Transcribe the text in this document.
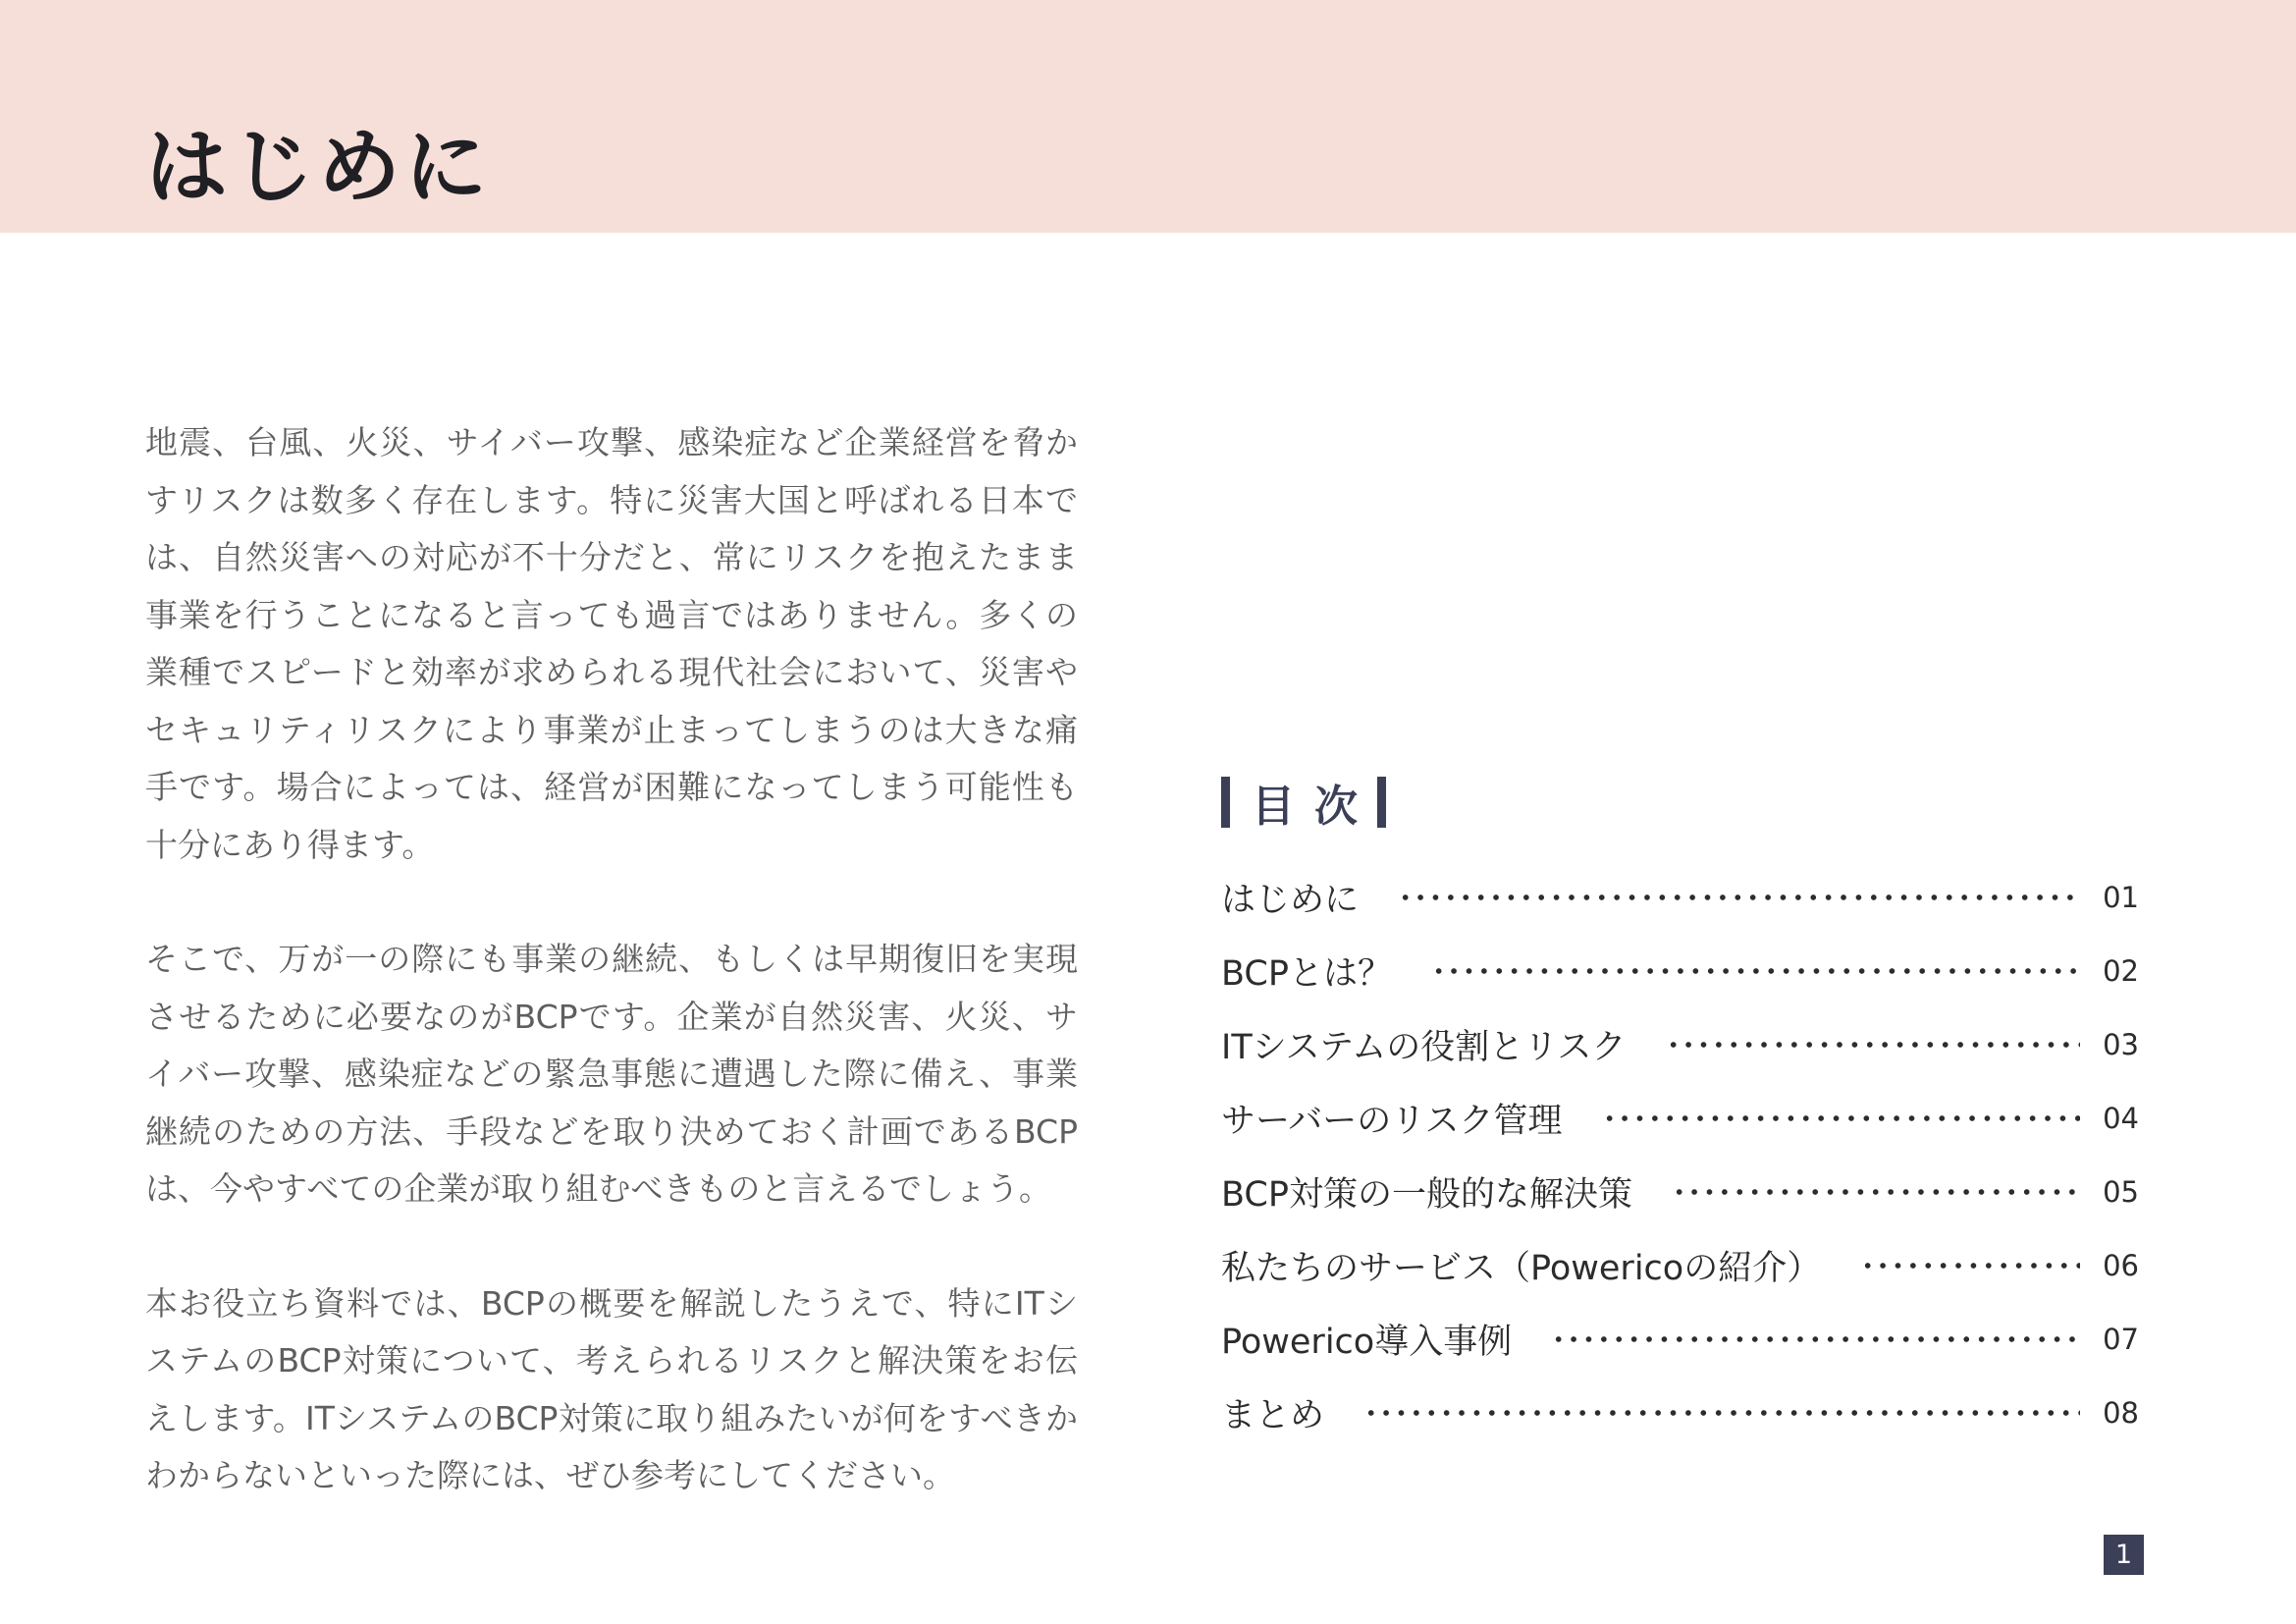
はじめに

地震、台風、火災、サイバー攻撃、感染症など企業経営を脅かすリスクは数多く存在します。特に災害大国と呼ばれる日本では、自然災害への対応が不十分だと、常にリスクを抱えたまま事業を行うことになると言っても過言ではありません。多くの業種でスピードと効率が求められる現代社会において、災害やセキュリティリスクにより事業が止まってしまうのは大きな痛手です。場合によっては、経営が困難になってしまう可能性も十分にあり得ます。

そこで、万が一の際にも事業の継続、もしくは早期復旧を実現させるために必要なのがBCPです。企業が自然災害、火災、サイバー攻撃、感染症などの緊急事態に遭遇した際に備え、事業継続のための方法、手段などを取り決めておく計画であるBCPは、今やすべての企業が取り組むべきものと言えるでしょう。

本お役立ち資料では、BCPの概要を解説したうえで、特にITシステムのBCP対策について、考えられるリスクと解決策をお伝えします。ITシステムのBCP対策に取り組みたいが何をすべきかわからないといった際には、ぜひ参考にしてください。

目次
はじめに	01
BCPとは？	02
ITシステムの役割とリスク	03
サーバーのリスク管理	04
BCP対策の一般的な解決策	05
私たちのサービス（Powericoの紹介）	06
Powerico導入事例	07
まとめ	08
1
